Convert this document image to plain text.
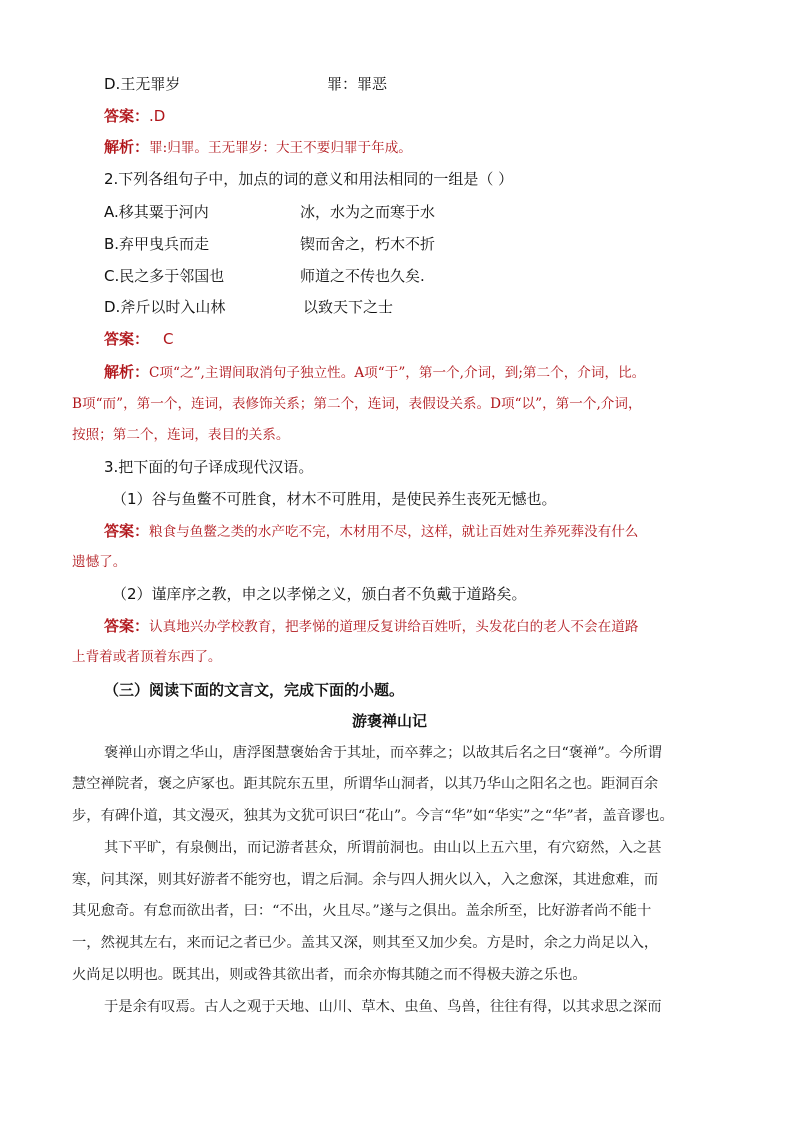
D.王无罪岁	罪：罪恶
答案：.D
解析：罪:归罪。王无罪岁：大王不要归罪于年成。
2.下列各组句子中，加点的词的意义和用法相同的一组是（ ）
A.移其粟于河内	冰，水为之而寒于水
B.弃甲曳兵而走	锲而舍之，朽木不折
C.民之多于邻国也	师道之不传也久矣.
D.斧斤以时入山林	以致天下之士
答案： C
解析：C项“之”,主谓间取消句子独立性。A项“于”，第一个,介词，到;第二个，介词，比。
B项“而”，第一个，连词，表修饰关系；第二个，连词，表假设关系。D项“以”，第一个,介词，
按照；第二个，连词，表目的关系。
3.把下面的句子译成现代汉语。
（1）谷与鱼鳖不可胜食，材木不可胜用，是使民养生丧死无憾也。
答案：粮食与鱼鳖之类的水产吃不完，木材用不尽，这样，就让百姓对生养死葬没有什么
遗憾了。
（2）谨庠序之教，申之以孝悌之义，颁白者不负戴于道路矣。
答案：认真地兴办学校教育，把孝悌的道理反复讲给百姓听，头发花白的老人不会在道路
上背着或者顶着东西了。
（三）阅读下面的文言文，完成下面的小题。
游褒禅山记
褒禅山亦谓之华山，唐浮图慧褒始舍于其址，而卒葬之；以故其后名之曰“褒禅”。今所谓
慧空禅院者，褒之庐冢也。距其院东五里，所谓华山洞者，以其乃华山之阳名之也。距洞百余
步，有碑仆道，其文漫灭，独其为文犹可识曰“花山”。今言“华”如“华实”之“华”者，盖音谬也。
其下平旷，有泉侧出，而记游者甚众，所谓前洞也。由山以上五六里，有穴窈然，入之甚
寒，问其深，则其好游者不能穷也，谓之后洞。余与四人拥火以入，入之愈深，其进愈难，而
其见愈奇。有怠而欲出者，曰：“不出，火且尽。”遂与之俱出。盖余所至，比好游者尚不能十
一，然视其左右，来而记之者已少。盖其又深，则其至又加少矣。方是时，余之力尚足以入，
火尚足以明也。既其出，则或咎其欲出者，而余亦悔其随之而不得极夫游之乐也。
于是余有叹焉。古人之观于天地、山川、草木、虫鱼、鸟兽，往往有得，以其求思之深而
